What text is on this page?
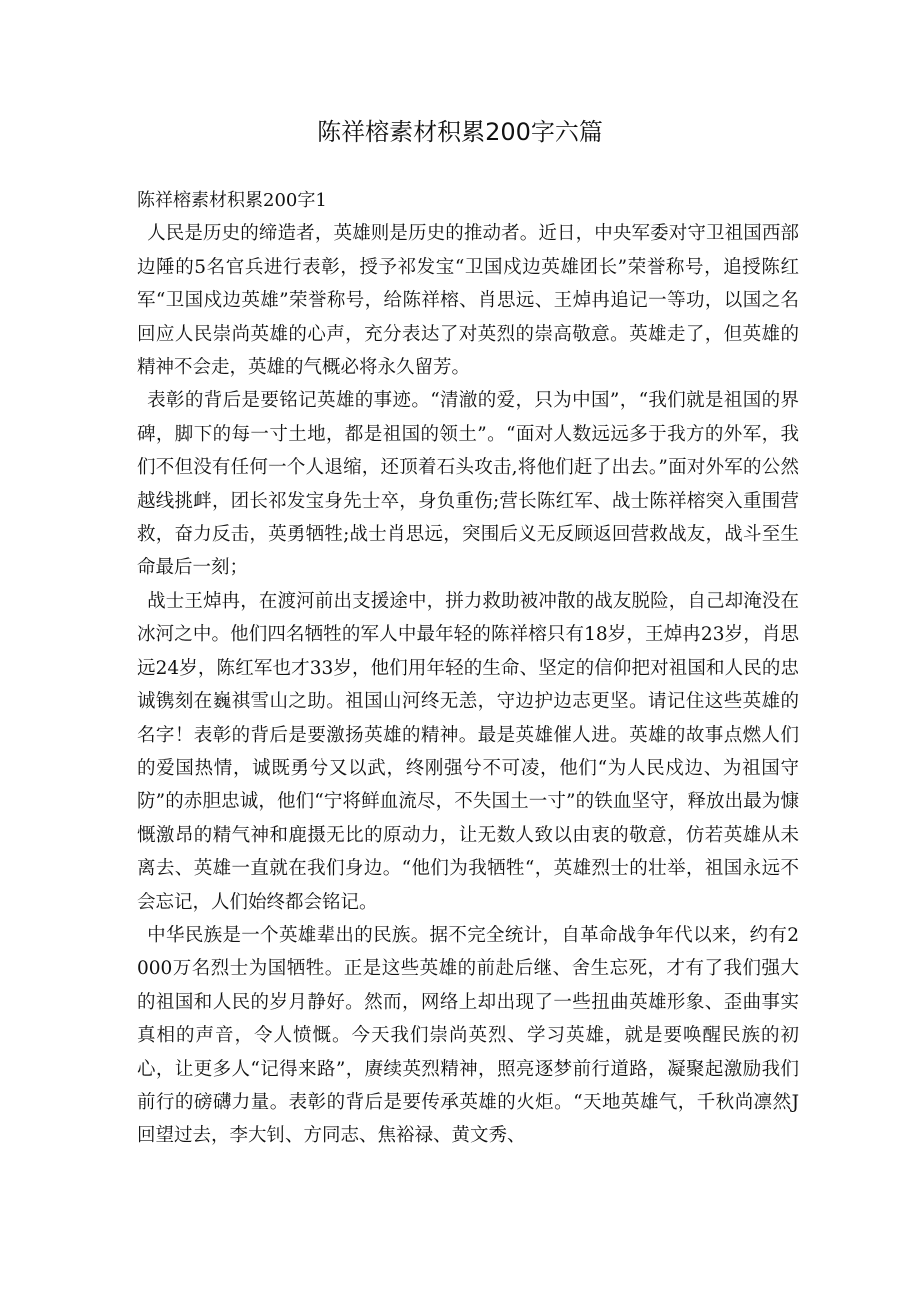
陈祥榕素材积累200字六篇

陈祥榕素材积累200字1

人民是历史的缔造者，英雄则是历史的推动者。近日，中央军委对守卫祖国西部边陲的5名官兵进行表彰，授予祁发宝“卫国戍边英雄团长”荣誉称号，追授陈红军“卫国戍边英雄”荣誉称号，给陈祥榕、肖思远、王焯冉追记一等功，以国之名回应人民崇尚英雄的心声，充分表达了对英烈的崇高敬意。英雄走了，但英雄的精神不会走，英雄的气概必将永久留芳。

表彰的背后是要铭记英雄的事迹。“清澈的爱，只为中国”，“我们就是祖国的界碑，脚下的每一寸土地，都是祖国的领土”。“面对人数远远多于我方的外军，我们不但没有任何一个人退缩，还顶着石头攻击,将他们赶了出去。”面对外军的公然越线挑衅，团长祁发宝身先士卒，身负重伤;营长陈红军、战士陈祥榕突入重围营救，奋力反击，英勇牺牲;战士肖思远，突围后义无反顾返回营救战友，战斗至生命最后一刻；

战士王焯冉，在渡河前出支援途中，拼力救助被冲散的战友脱险，自己却淹没在冰河之中。他们四名牺牲的军人中最年轻的陈祥榕只有18岁，王焯冉23岁，肖思远24岁，陈红军也才33岁，他们用年轻的生命、坚定的信仰把对祖国和人民的忠诚镌刻在巍祺雪山之助。祖国山河终无恙，守边护边志更坚。请记住这些英雄的名字！表彰的背后是要激扬英雄的精神。最是英雄催人进。英雄的故事点燃人们的爱国热情，诚既勇兮又以武，终刚强兮不可凌，他们“为人民戍边、为祖国守防”的赤胆忠诚，他们“宁将鲜血流尽，不失国土一寸”的铁血坚守，释放出最为慷慨激昂的精气神和鹿摄无比的原动力，让无数人致以由衷的敬意，仿若英雄从未离去、英雄一直就在我们身边。“他们为我牺牲“，英雄烈士的壮举，祖国永远不会忘记，人们始终都会铭记。

中华民族是一个英雄辈出的民族。据不完全统计，自革命战争年代以来，约有2000万名烈士为国牺牲。正是这些英雄的前赴后继、舍生忘死，才有了我们强大的祖国和人民的岁月静好。然而，网络上却出现了一些扭曲英雄形象、歪曲事实真相的声音，令人愤慨。今天我们崇尚英烈、学习英雄，就是要唤醒民族的初心，让更多人“记得来路”，赓续英烈精神，照亮逐梦前行道路，凝聚起激励我们前行的磅礴力量。表彰的背后是要传承英雄的火炬。“天地英雄气，千秋尚凛然J回望过去，李大钊、方同志、焦裕禄、黄文秀、
